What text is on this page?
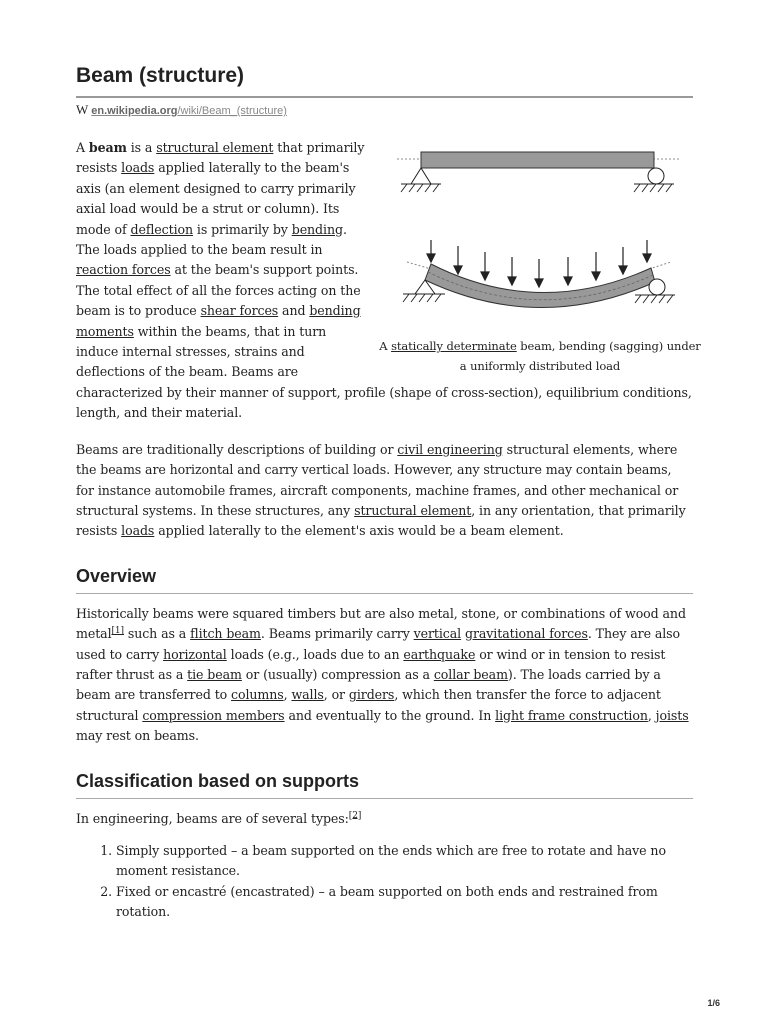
Beam (structure)
W en.wikipedia.org/wiki/Beam_(structure)

A statically determinate beam, bending (sagging) under a uniformly distributed load
A beam is a structural element that primarily resists loads applied laterally to the beam's axis (an element designed to carry primarily axial load would be a strut or column). Its mode of deflection is primarily by bending. The loads applied to the beam result in reaction forces at the beam's support points. The total effect of all the forces acting on the beam is to produce shear forces and bending moments within the beams, that in turn induce internal stresses, strains and deflections of the beam. Beams are characterized by their manner of support, profile (shape of cross-section), equilibrium conditions, length, and their material.

Beams are traditionally descriptions of building or civil engineering structural elements, where the beams are horizontal and carry vertical loads. However, any structure may contain beams, for instance automobile frames, aircraft components, machine frames, and other mechanical or structural systems. In these structures, any structural element, in any orientation, that primarily resists loads applied laterally to the element's axis would be a beam element.

Overview

Historically beams were squared timbers but are also metal, stone, or combinations of wood and metal[1] such as a flitch beam. Beams primarily carry vertical gravitational forces. They are also used to carry horizontal loads (e.g., loads due to an earthquake or wind or in tension to resist rafter thrust as a tie beam or (usually) compression as a collar beam). The loads carried by a beam are transferred to columns, walls, or girders, which then transfer the force to adjacent structural compression members and eventually to the ground. In light frame construction, joists may rest on beams.

Classification based on supports

In engineering, beams are of several types:[2]

1. Simply supported – a beam supported on the ends which are free to rotate and have no moment resistance.
2. Fixed or encastré (encastrated) – a beam supported on both ends and restrained from rotation.
1/6
